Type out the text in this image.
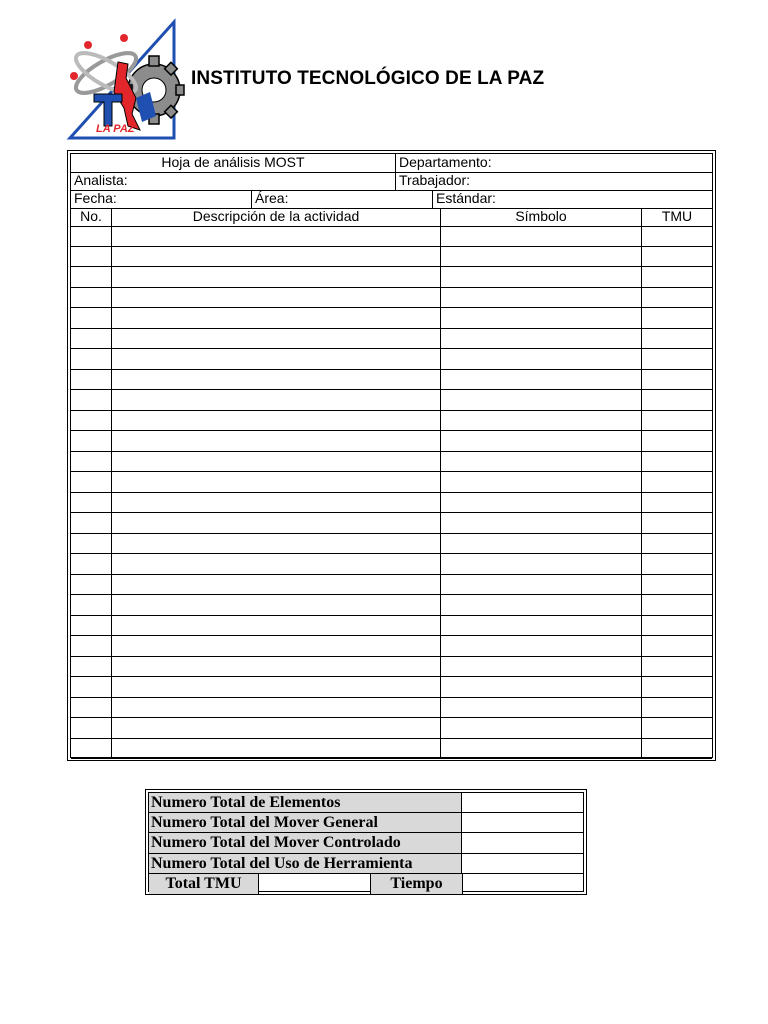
LA PAZ
INSTITUTO TECNOLÓGICO DE LA PAZ
Hoja de análisis MOST	Departamento:
Analista:	Trabajador:
Fecha:	Área:	Estándar:
No.	Descripción de la actividad	Símbolo	TMU
Numero Total de Elementos
Numero Total del Mover General
Numero Total del Mover Controlado
Numero Total del Uso de Herramienta
Total TMU	Tiempo
